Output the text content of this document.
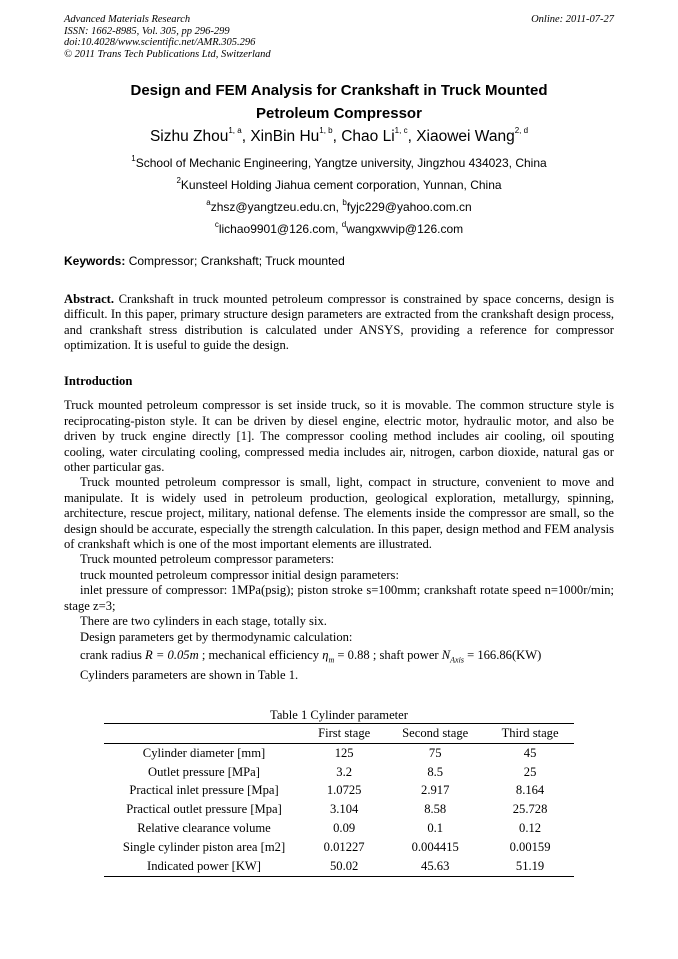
Advanced Materials Research
ISSN: 1662-8985, Vol. 305, pp 296-299
doi:10.4028/www.scientific.net/AMR.305.296
© 2011 Trans Tech Publications Ltd, Switzerland
Online: 2011-07-27
Design and FEM Analysis for Crankshaft in Truck Mounted
Petroleum Compressor
Sizhu Zhou$^{1, a}$, XinBin Hu$^{1, b}$, Chao Li$^{1, c}$, Xiaowei Wang$^{2, d}$
$^1$School of Mechanic Engineering, Yangtze university, Jingzhou 434023, China
$^2$Kunsteel Holding Jiahua cement corporation, Yunnan, China
$^a$zhsz@yangtzeu.edu.cn, $^b$fyjc229@yahoo.com.cn
$^c$lichao9901@126.com, $^d$wangxwvip@126.com
Keywords: Compressor; Crankshaft; Truck mounted

Abstract. Crankshaft in truck mounted petroleum compressor is constrained by space concerns, design is difficult. In this paper, primary structure design parameters are extracted from the crankshaft design process, and crankshaft stress distribution is calculated under ANSYS, providing a reference for compressor optimization. It is useful to guide the design.

Introduction

Truck mounted petroleum compressor is set inside truck, so it is movable. The common structure style is reciprocating-piston style. It can be driven by diesel engine, electric motor, hydraulic motor, and also be driven by truck engine directly [1]. The compressor cooling method includes air cooling, oil spouting cooling, water circulating cooling, compressed media includes air, nitrogen, carbon dioxide, natural gas or other particular gas.

Truck mounted petroleum compressor is small, light, compact in structure, convenient to move and manipulate. It is widely used in petroleum production, geological exploration, metallurgy, spinning, architecture, rescue project, military, national defense. The elements inside the compressor are small, so the design should be accurate, especially the strength calculation. In this paper, design method and FEM analysis of crankshaft which is one of the most important elements are illustrated.

Truck mounted petroleum compressor parameters:

truck mounted petroleum compressor initial design parameters:

inlet pressure of compressor: 1MPa(psig); piston stroke s=100mm; crankshaft rotate speed n=1000r/min; stage z=3;

There are two cylinders in each stage, totally six.

Design parameters get by thermodynamic calculation:

crank radius R = 0.05m ; mechanical efficiency $\eta_m = 0.88$ ; shaft power $N_{Axis} = 166.86(KW)$

Cylinders parameters are shown in Table 1.

Table 1 Cylinder parameter
	First stage	Second stage	Third stage
Cylinder diameter [mm]	125	75	45
Outlet pressure [MPa]	3.2	8.5	25
Practical inlet pressure [Mpa]	1.0725	2.917	8.164
Practical outlet pressure [Mpa]	3.104	8.58	25.728
Relative clearance volume	0.09	0.1	0.12
Single cylinder piston area [m2]	0.01227	0.004415	0.00159
Indicated power [KW]	50.02	45.63	51.19
